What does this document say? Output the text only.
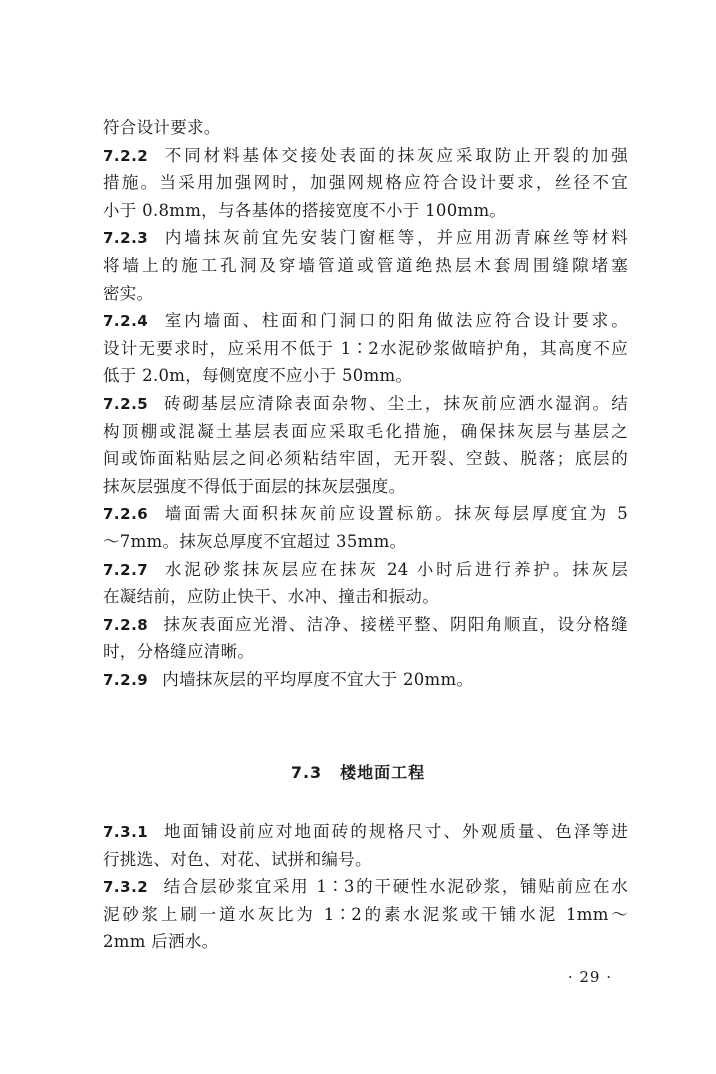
符合设计要求。
7.2.2 不同材料基体交接处表面的抹灰应采取防止开裂的加强
措施。当采用加强网时，加强网规格应符合设计要求，丝径不宜
小于 0.8mm，与各基体的搭接宽度不小于 100mm。
7.2.3 内墙抹灰前宜先安装门窗框等，并应用沥青麻丝等材料
将墙上的施工孔洞及穿墙管道或管道绝热层木套周围缝隙堵塞
密实。
7.2.4 室内墙面、柱面和门洞口的阳角做法应符合设计要求。
设计无要求时，应采用不低于 1∶2水泥砂浆做暗护角，其高度不应
低于 2.0m，每侧宽度不应小于 50mm。
7.2.5 砖砌基层应清除表面杂物、尘土，抹灰前应洒水湿润。结
构顶棚或混凝土基层表面应采取毛化措施，确保抹灰层与基层之
间或饰面粘贴层之间必须粘结牢固，无开裂、空鼓、脱落；底层的
抹灰层强度不得低于面层的抹灰层强度。
7.2.6 墙面需大面积抹灰前应设置标筋。抹灰每层厚度宜为 5
～7mm。抹灰总厚度不宜超过 35mm。
7.2.7 水泥砂浆抹灰层应在抹灰 24 小时后进行养护。抹灰层
在凝结前，应防止快干、水冲、撞击和振动。
7.2.8 抹灰表面应光滑、洁净、接槎平整、阴阳角顺直，设分格缝
时，分格缝应清晰。
7.2.9 内墙抹灰层的平均厚度不宜大于 20mm。
7.3 楼地面工程
7.3.1 地面铺设前应对地面砖的规格尺寸、外观质量、色泽等进
行挑选、对色、对花、试拼和编号。
7.3.2 结合层砂浆宜采用 1∶3的干硬性水泥砂浆，铺贴前应在水
泥砂浆上刷一道水灰比为 1∶2的素水泥浆或干铺水泥 1mm～
2mm 后洒水。
· 29 ·
